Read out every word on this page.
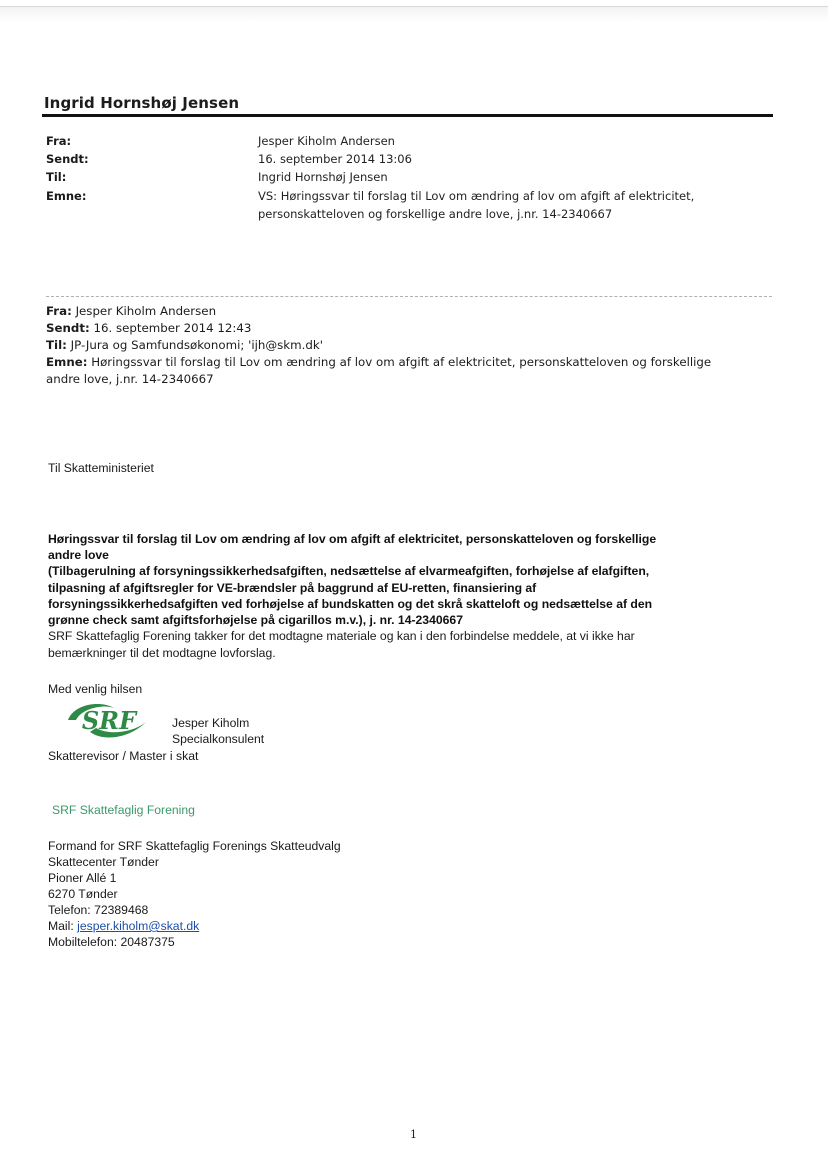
Ingrid Hornshøj Jensen
Fra:	Jesper Kiholm Andersen
Sendt:	16. september 2014 13:06
Til:	Ingrid Hornshøj Jensen
Emne:	VS: Høringssvar til forslag til Lov om ændring af lov om afgift af elektricitet,
personskatteloven og forskellige andre love, j.nr. 14-2340667
Fra: Jesper Kiholm Andersen
Sendt: 16. september 2014 12:43
Til: JP-Jura og Samfundsøkonomi; 'ijh@skm.dk'
Emne: Høringssvar til forslag til Lov om ændring af lov om afgift af elektricitet, personskatteloven og forskellige
andre love, j.nr. 14-2340667
Til Skatteministeriet
Høringssvar til forslag til Lov om ændring af lov om afgift af elektricitet, personskatteloven og forskellige
andre love
(Tilbagerulning af forsyningssikkerhedsafgiften, nedsættelse af elvarmeafgiften, forhøjelse af elafgiften,
tilpasning af afgiftsregler for VE-brændsler på baggrund af EU-retten, finansiering af
forsyningssikkerhedsafgiften ved forhøjelse af bundskatten og det skrå skatteloft og nedsættelse af den
grønne check samt afgiftsforhøjelse på cigarillos m.v.), j. nr. 14-2340667
SRF Skattefaglig Forening takker for det modtagne materiale og kan i den forbindelse meddele, at vi ikke har
bemærkninger til det modtagne lovforslag.
Med venlig hilsen
SRF	Jesper Kiholm
Specialkonsulent
Skatterevisor / Master i skat
SRF Skattefaglig Forening
Formand for SRF Skattefaglig Forenings Skatteudvalg
Skattecenter Tønder
Pioner Allé 1
6270 Tønder
Telefon: 72389468
Mail: jesper.kiholm@skat.dk
Mobiltelefon: 20487375
1
